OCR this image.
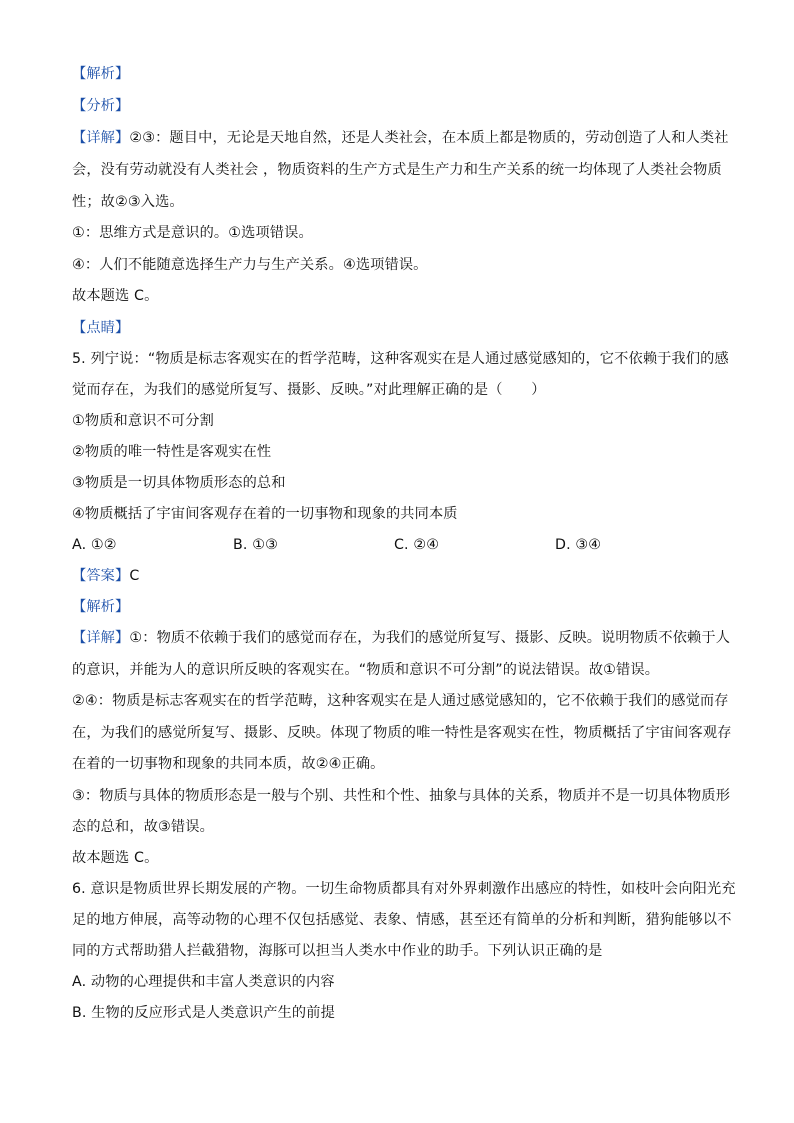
【解析】
【分析】
【详解】②③：题目中，无论是天地自然，还是人类社会，在本质上都是物质的，劳动创造了人和人类社
会，没有劳动就没有人类社会 ，物质资料的生产方式是生产力和生产关系的统一均体现了人类社会物质
性；故②③入选。
①：思维方式是意识的。①选项错误。
④：人们不能随意选择生产力与生产关系。④选项错误。
故本题选 C。
【点睛】
5. 列宁说：“物质是标志客观实在的哲学范畴，这种客观实在是人通过感觉感知的，它不依赖于我们的感
觉而存在，为我们的感觉所复写、摄影、反映。”对此理解正确的是（　　）
①物质和意识不可分割
②物质的唯一特性是客观实在性
③物质是一切具体物质形态的总和
④物质概括了宇宙间客观存在着的一切事物和现象的共同本质
A. ①②	B. ①③	C. ②④	D. ③④
【答案】C
【解析】
【详解】①：物质不依赖于我们的感觉而存在，为我们的感觉所复写、摄影、反映。说明物质不依赖于人
的意识，并能为人的意识所反映的客观实在。“物质和意识不可分割”的说法错误。故①错误。
②④：物质是标志客观实在的哲学范畴，这种客观实在是人通过感觉感知的，它不依赖于我们的感觉而存
在，为我们的感觉所复写、摄影、反映。体现了物质的唯一特性是客观实在性，物质概括了宇宙间客观存
在着的一切事物和现象的共同本质，故②④正确。
③：物质与具体的物质形态是一般与个别、共性和个性、抽象与具体的关系，物质并不是一切具体物质形
态的总和，故③错误。
故本题选 C。
6. 意识是物质世界长期发展的产物。一切生命物质都具有对外界刺激作出感应的特性，如枝叶会向阳光充
足的地方伸展，高等动物的心理不仅包括感觉、表象、情感，甚至还有简单的分析和判断，猎狗能够以不
同的方式帮助猎人拦截猎物，海豚可以担当人类水中作业的助手。下列认识正确的是
A. 动物的心理提供和丰富人类意识的内容
B. 生物的反应形式是人类意识产生的前提
